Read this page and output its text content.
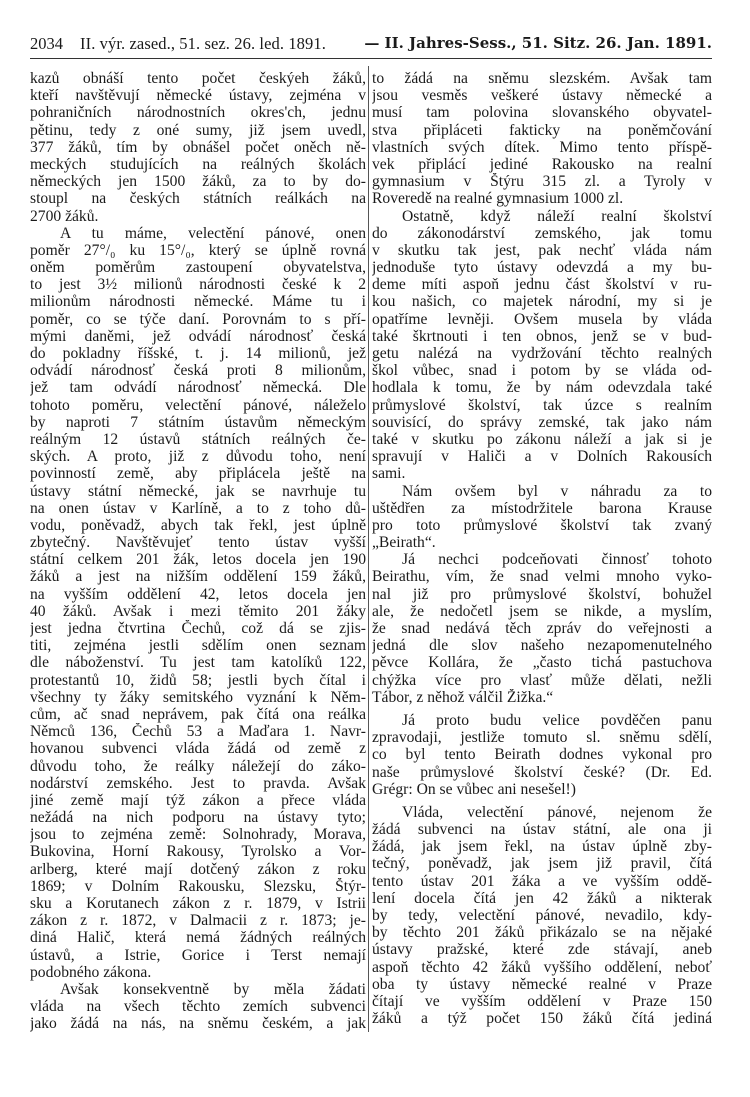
2034 II. výr. zased., 51. sez. 26. led. 1891.	— II. Jahres-Sess., 51. Sitz. 26. Jan. 1891.
kazů obnáší tento počet českýeh žáků,
kteří navštěvují německé ústavy, zejména v
pohraničních národnostních okres'ch, jednu
pětinu, tedy z oné sumy, již jsem uvedl,
377 žáků, tím by obnášel počet oněch ně-
meckých studujících na reálných školách
německých jen 1500 žáků, za to by do-
stoupl na českých státních reálkách na
2700 žáků.
A tu máme, velectění pánové, onen
poměr 27°/₀ ku 15°/₀, který se úplně rovná
oněm poměrům zastoupení obyvatelstva,
to jest 3½ milionů národnosti české k 2
milionům národnosti německé. Máme tu i
poměr, co se týče daní. Porovnám to s pří-
mými daněmi, jež odvádí národnosť česká
do pokladny říšské, t. j. 14 milionů, jež
odvádí národnosť česká proti 8 milionům,
jež tam odvádí národnosť německá. Dle
tohoto poměru, velectění pánové, náleželo
by naproti 7 státním ústavům německým
reálným 12 ústavů státních reálných če-
ských. A proto, již z důvodu toho, není
povinností země, aby připlácela ještě na
ústavy státní německé, jak se navrhuje tu
na onen ústav v Karlíně, a to z toho dů-
vodu, poněvadž, abych tak řekl, jest úplně
zbytečný. Navštěvujeť tento ústav vyšší
státní celkem 201 žák, letos docela jen 190
žáků a jest na nižším oddělení 159 žáků,
na vyšším oddělení 42, letos docela jen
40 žáků. Avšak i mezi těmito 201 žáky
jest jedna čtvrtina Čechů, což dá se zjis-
titi, zejména jestli sdělím onen seznam
dle náboženství. Tu jest tam katolíků 122,
protestantů 10, židů 58; jestli bych čítal i
všechny ty žáky semitského vyznání k Něm-
cům, ač snad neprávem, pak čítá ona reálka
Němců 136, Čechů 53 a Maďara 1. Navr-
hovanou subvenci vláda žádá od země z
důvodu toho, že reálky náležejí do záko-
nodárství zemského. Jest to pravda. Avšak
jiné země mají týž zákon a přece vláda
nežádá na nich podporu na ústavy tyto;
jsou to zejména země: Solnohrady, Morava,
Bukovina, Horní Rakousy, Tyrolsko a Vor-
arlberg, které mají dotčený zákon z roku
1869; v Dolním Rakousku, Slezsku, Štýr-
sku a Korutanech zákon z r. 1879, v Istrii
zákon z r. 1872, v Dalmacii z r. 1873; je-
diná Halič, která nemá žádných reálných
ústavů, a Istrie, Gorice i Terst nemají
podobného zákona.
Avšak konsekventně by měla žádati
vláda na všech těchto zemích subvenci
jako žádá na nás, na sněmu českém, a jak
to žádá na sněmu slezském. Avšak tam
jsou vesměs veškeré ústavy německé a
musí tam polovina slovanského obyvatel-
stva připláceti fakticky na poněmčování
vlastních svých dítek. Mimo tento příspě-
vek připlácí jediné Rakousko na realní
gymnasium v Štýru 315 zl. a Tyroly v
Roveredě na realné gymnasium 1000 zl.
Ostatně, když náleží realní školství
do zákonodárství zemského, jak tomu
v skutku tak jest, pak nechť vláda nám
jednoduše tyto ústavy odevzdá a my bu-
deme míti aspoň jednu část školství v ru-
kou našich, co majetek národní, my si je
opatříme levněji. Ovšem musela by vláda
také škrtnouti i ten obnos, jenž se v bud-
getu nalézá na vydržování těchto realných
škol vůbec, snad i potom by se vláda od-
hodlala k tomu, že by nám odevzdala také
průmyslové školství, tak úzce s realním
souvisící, do správy zemské, tak jako nám
také v skutku po zákonu náleží a jak si je
spravují v Haliči a v Dolních Rakousích
sami.
Nám ovšem byl v náhradu za to
uštědřen za místodržitele barona Krause
pro toto průmyslové školství tak zvaný
„Beirath“.
Já nechci podceňovati činnosť tohoto
Beirathu, vím, že snad velmi mnoho vyko-
nal již pro průmyslové školství, bohužel
ale, že nedočetl jsem se nikde, a myslím,
že snad nedává těch zpráv do veřejnosti a
jedná dle slov našeho nezapomenutelného
pěvce Kollára, že „často tichá pastuchova
chýžka více pro vlasť může dělati, nežli
Tábor, z něhož válčil Žižka.“
Já proto budu velice povděčen panu
zpravodaji, jestliže tomuto sl. sněmu sdělí,
co byl tento Beirath dodnes vykonal pro
naše průmyslové školství české? (Dr. Ed.
Grégr: On se vůbec ani nesešel!)
Vláda, velectění pánové, nejenom že
žádá subvenci na ústav státní, ale ona ji
žádá, jak jsem řekl, na ústav úplně zby-
tečný, poněvadž, jak jsem již pravil, čítá
tento ústav 201 žáka a ve vyšším oddě-
lení docela čítá jen 42 žáků a nikterak
by tedy, velectění pánové, nevadilo, kdy-
by těchto 201 žáků přikázalo se na nějaké
ústavy pražské, které zde stávají, aneb
aspoň těchto 42 žáků vyššího oddělení, neboť
oba ty ústavy německé realné v Praze
čítají ve vyšším oddělení v Praze 150
žáků a týž počet 150 žáků čítá jediná
